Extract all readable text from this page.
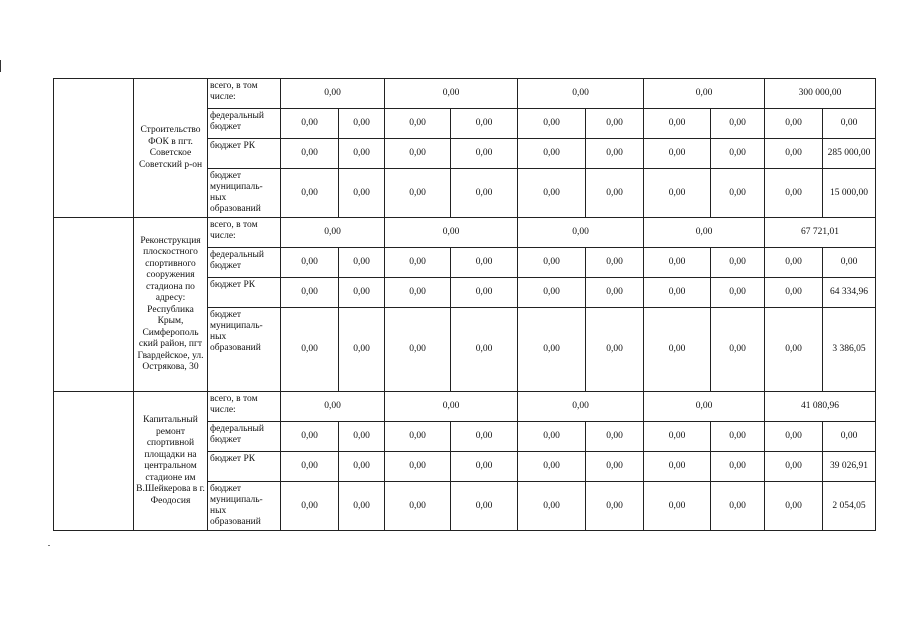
	Строительство ФОК в пгт. Советское Советский р-он	всего, в том числе:	0,00		0,00		0,00		0,00		300 000,00	
		федеральный бюджет	0,00	0,00	0,00	0,00	0,00	0,00	0,00	0,00	0,00	0,00
		бюджет РК	0,00	0,00	0,00	0,00	0,00	0,00	0,00	0,00	0,00	285 000,00
		бюджет муниципаль-ных образований	0,00	0,00	0,00	0,00	0,00	0,00	0,00	0,00	0,00	15 000,00
	Реконструкция плоскостного спортивного сооружения стадиона по адресу: Республика Крым, Симферополь ский район, пгт Гвардейское, ул. Острякова, 30	всего, в том числе:	0,00		0,00		0,00		0,00		67 721,01	
		федеральный бюджет	0,00	0,00	0,00	0,00	0,00	0,00	0,00	0,00	0,00	0,00
		бюджет РК	0,00	0,00	0,00	0,00	0,00	0,00	0,00	0,00	0,00	64 334,96
		бюджет муниципаль-ных образований	0,00	0,00	0,00	0,00	0,00	0,00	0,00	0,00	0,00	3 386,05
	Капитальный ремонт спортивной площадки на центральном стадионе им В.Шейкерова в г. Феодосия	всего, в том числе:	0,00		0,00		0,00		0,00		41 080,96	
		федеральный бюджет	0,00	0,00	0,00	0,00	0,00	0,00	0,00	0,00	0,00	0,00
		бюджет РК	0,00	0,00	0,00	0,00	0,00	0,00	0,00	0,00	0,00	39 026,91
		бюджет муниципаль-ных образований	0,00	0,00	0,00	0,00	0,00	0,00	0,00	0,00	0,00	2 054,05
